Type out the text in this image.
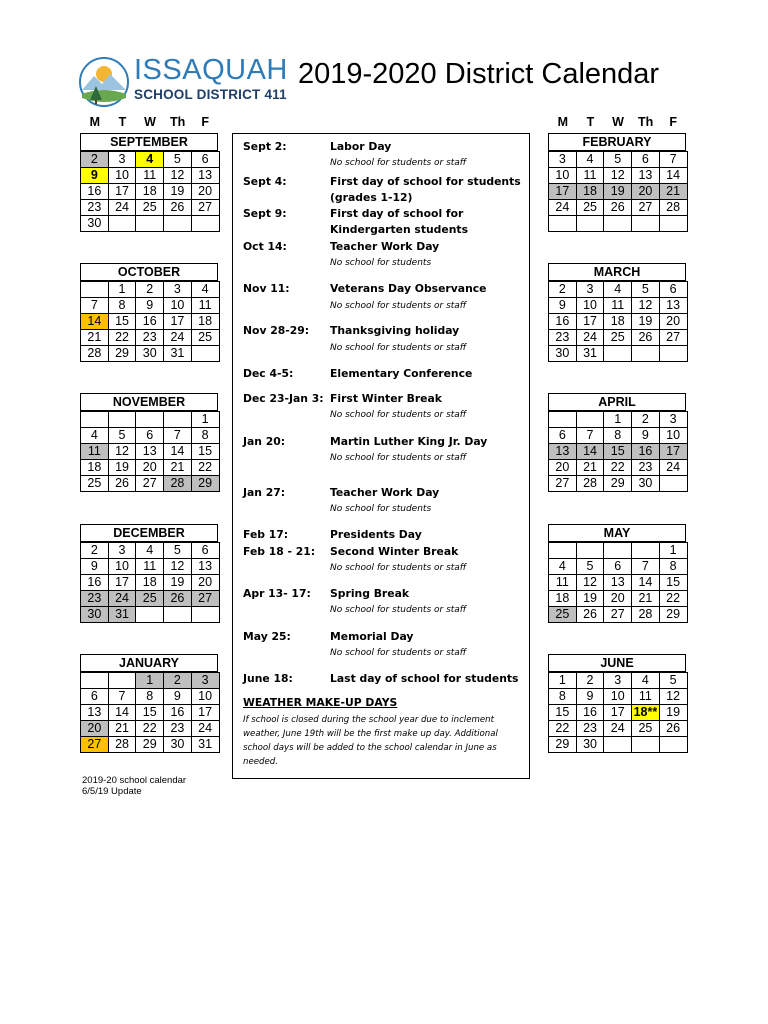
ISSAQUAH
SCHOOL DISTRICT 411
2019-2020 District Calendar
M	T	W	Th	F	M	T	W	Th	F
SEPTEMBER
2	3	4	5	6
9	10	11	12	13
16	17	18	19	20
23	24	25	26	27
30				
OCTOBER
	1	2	3	4
7	8	9	10	11
14	15	16	17	18
21	22	23	24	25
28	29	30	31	
NOVEMBER
				1
4	5	6	7	8
11	12	13	14	15
18	19	20	21	22
25	26	27	28	29
DECEMBER
2	3	4	5	6
9	10	11	12	13
16	17	18	19	20
23	24	25	26	27
30	31			
JANUARY
		1	2	3
6	7	8	9	10
13	14	15	16	17
20	21	22	23	24
27	28	29	30	31
FEBRUARY
3	4	5	6	7
10	11	12	13	14
17	18	19	20	21
24	25	26	27	28

MARCH
2	3	4	5	6
9	10	11	12	13
16	17	18	19	20
23	24	25	26	27
30	31			
APRIL
		1	2	3
6	7	8	9	10
13	14	15	16	17
20	21	22	23	24
27	28	29	30	
MAY
				1
4	5	6	7	8
11	12	13	14	15
18	19	20	21	22
25	26	27	28	29
JUNE
1	2	3	4	5
8	9	10	11	12
15	16	17	18**	19
22	23	24	25	26
29	30			
Sept 2:	Labor Day
No school for students or staff
Sept 4:	First day of school for students
(grades 1-12)
Sept 9:	First day of school for
Kindergarten students
Oct 14:	Teacher Work Day
No school for students
Nov 11:	Veterans Day Observance
No school for students or staff
Nov 28-29: Thanksgiving holiday
No school for students or staff
Dec 4-5:	Elementary Conference
Dec 23-Jan 3: First Winter Break
No school for students or staff
Jan 20:	Martin Luther King Jr. Day
No school for students or staff
Jan 27:	Teacher Work Day
No school for students
Feb 17:	Presidents Day
Feb 18 - 21: Second Winter Break
No school for students or staff
Apr 13- 17: Spring Break
No school for students or staff
May 25:	Memorial Day
No school for students or staff
June 18:	Last day of school for students
WEATHER MAKE-UP DAYS
If school is closed during the school year due to inclement weather, June 19th will be the first make up day. Additional school days will be added to the school calendar in June as needed.
2019-20 school calendar
6/5/19 Update
